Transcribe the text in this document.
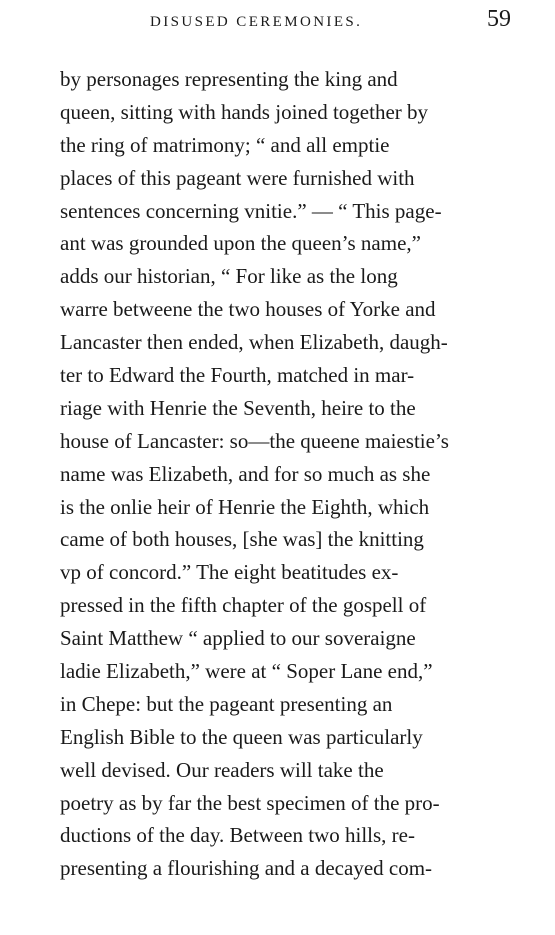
DISUSED CEREMONIES.	59
by personages representing the king and
queen, sitting with hands joined together by
the ring of matrimony; “ and all emptie
places of this pageant were furnished with
sentences concerning vnitie.” — “ This page-
ant was grounded upon the queen’s name,”
adds our historian, “ For like as the long
warre betweene the two houses of Yorke and
Lancaster then ended, when Elizabeth, daugh-
ter to Edward the Fourth, matched in mar-
riage with Henrie the Seventh, heire to the
house of Lancaster: so—the queene maiestie’s
name was Elizabeth, and for so much as she
is the onlie heir of Henrie the Eighth, which
came of both houses, [she was] the knitting
vp of concord.” The eight beatitudes ex-
pressed in the fifth chapter of the gospell of
Saint Matthew “ applied to our soveraigne
ladie Elizabeth,” were at “ Soper Lane end,”
in Chepe: but the pageant presenting an
English Bible to the queen was particularly
well devised. Our readers will take the
poetry as by far the best specimen of the pro-
ductions of the day. Between two hills, re-
presenting a flourishing and a decayed com-
